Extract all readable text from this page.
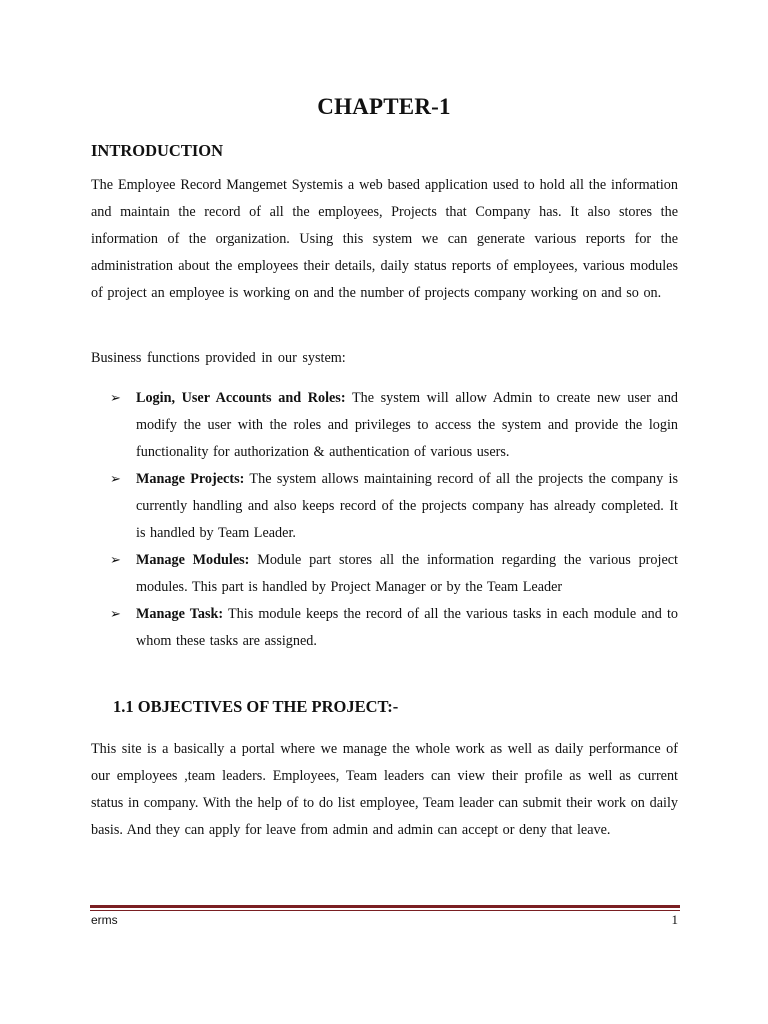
CHAPTER-1
INTRODUCTION
The Employee Record Mangemet Systemis a web based application used to hold all the information and maintain the record of all the employees, Projects that Company has. It also stores the information of the organization. Using this system we can generate various reports for the administration about the employees their details, daily status reports of employees, various modules of project an employee is working on and the number of projects company working on and so on.
Business functions provided in our system:
➢ Login, User Accounts and Roles: The system will allow Admin to create new user and modify the user with the roles and privileges to access the system and provide the login functionality for authorization & authentication of various users.
➢ Manage Projects: The system allows maintaining record of all the projects the company is currently handling and also keeps record of the projects company has already completed. It is handled by Team Leader.
➢ Manage Modules: Module part stores all the information regarding the various project modules. This part is handled by Project Manager or by the Team Leader
➢ Manage Task: This module keeps the record of all the various tasks in each module and to whom these tasks are assigned.
1.1 OBJECTIVES OF THE PROJECT:-
This site is a basically a portal where we manage the whole work as well as daily performance of our employees ,team leaders. Employees, Team leaders can view their profile as well as current status in company. With the help of to do list employee, Team leader can submit their work on daily basis. And they can apply for leave from admin and admin can accept or deny that leave.
erms	1
